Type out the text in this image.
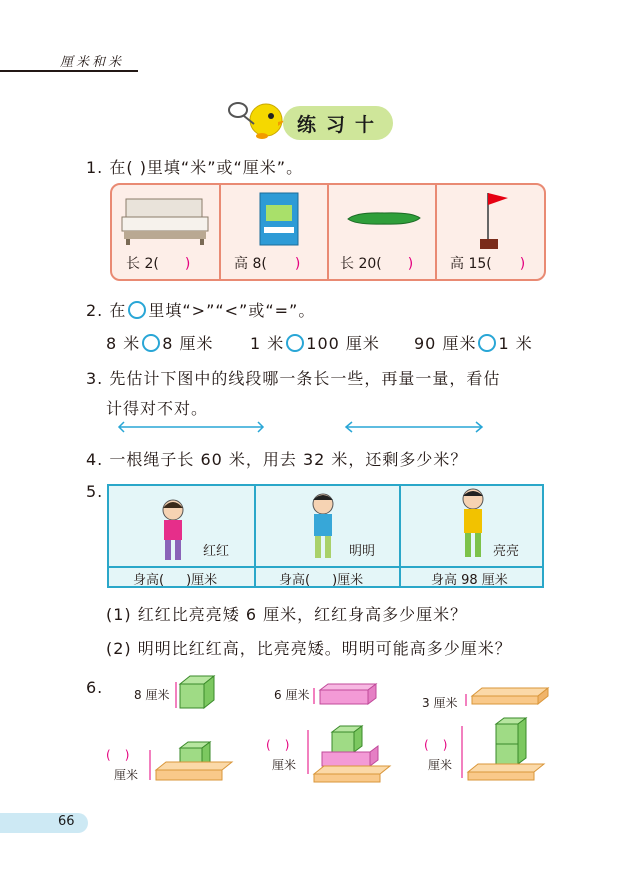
厘米和米
练习十
1. 在( )里填“米”或“厘米”。
长 2( )	高 8( )	长 20( )	高 15( )
2. 在 里填“>”“<”或“=”。
8 米 8 厘米 1 米 100 厘米 90 厘米 1 米
3. 先估计下图中的线段哪一条长一些，再量一量，看估
计得对不对。
4. 一根绳子长 60 米，用去 32 米，还剩多少米？
5.
红红	明明	亮亮
身高( )厘米	身高( )厘米	身高 98 厘米
(1) 红红比亮亮矮 6 厘米，红红身高多少厘米？
(2) 明明比红红高，比亮亮矮。明明可能高多少厘米？
6.	8 厘米
( )
厘米
6 厘米
( )
厘米
3 厘米
( )
厘米
66
